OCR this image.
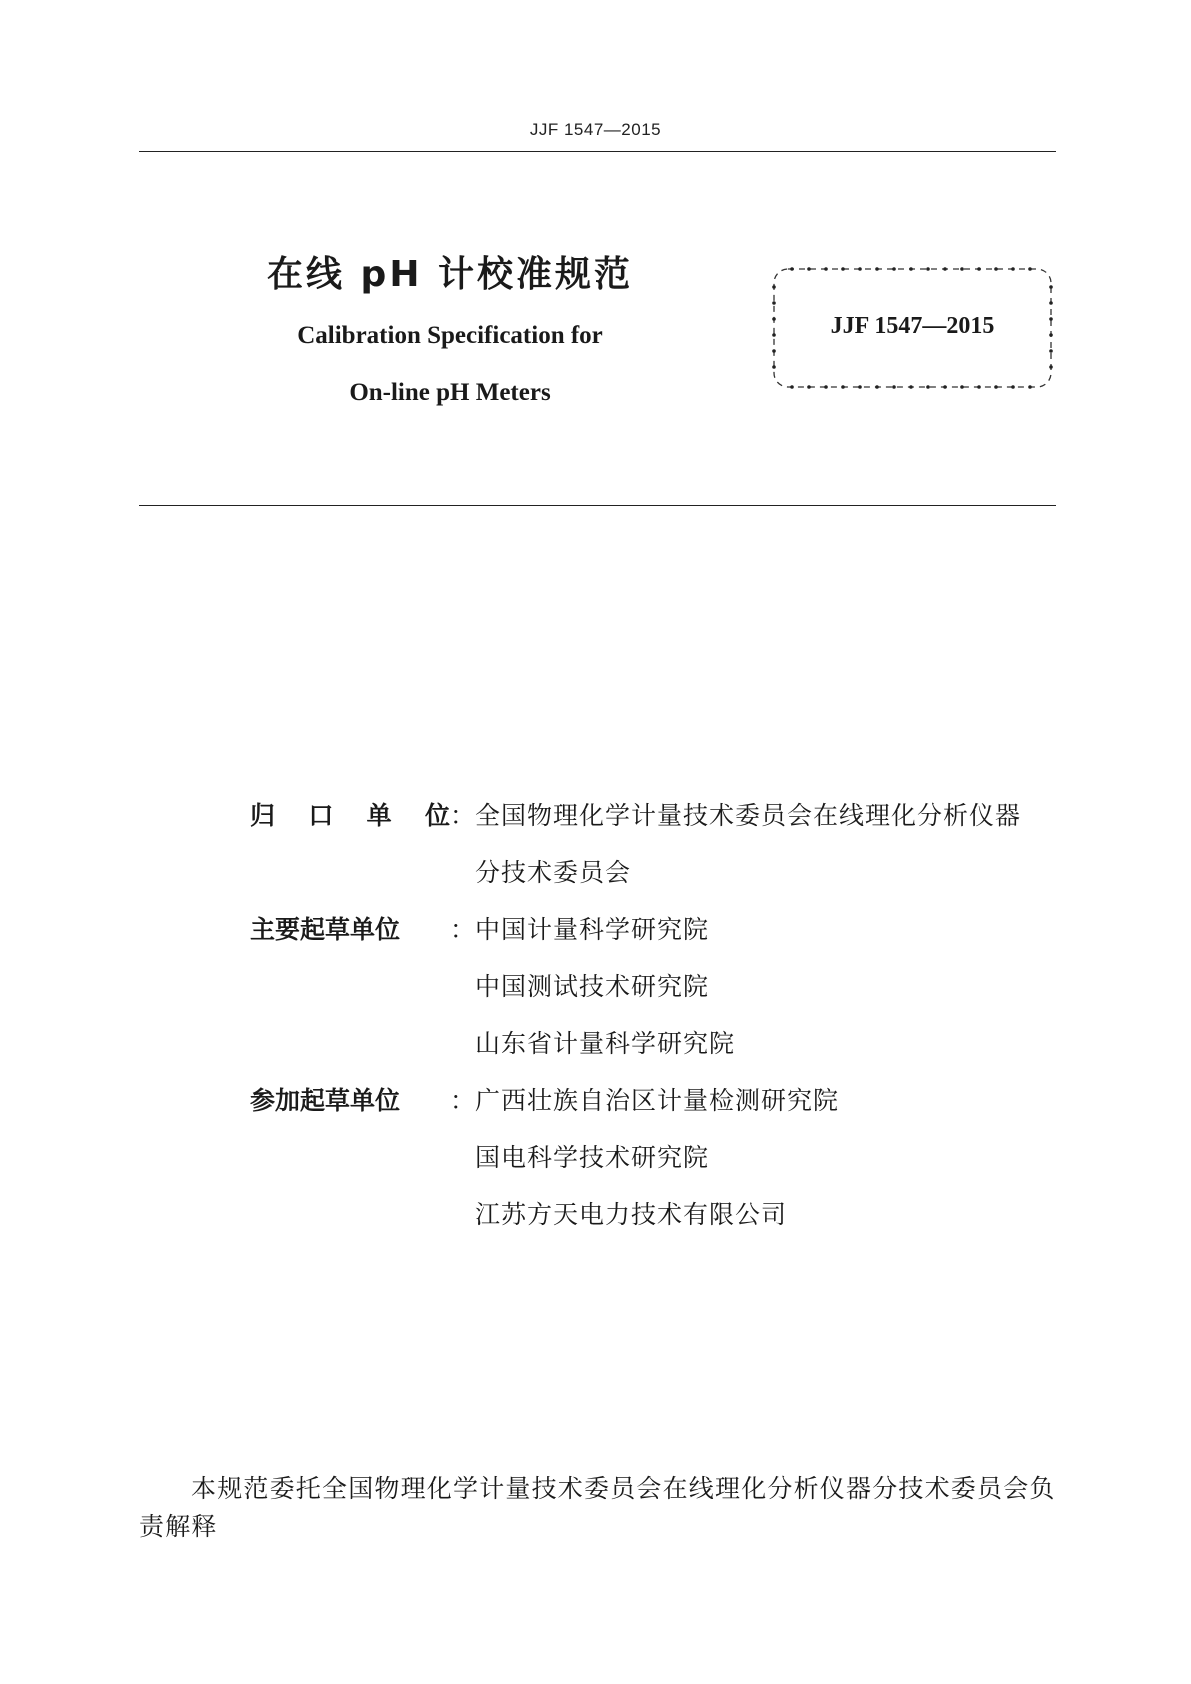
JJF 1547—2015
在线 pH 计校准规范
Calibration Specification for
On-line pH Meters
JJF 1547—2015
归 口 单 位 ： 全国物理化学计量技术委员会在线理化分析仪器
分技术委员会
主要起草单位 ： 中国计量科学研究院
中国测试技术研究院
山东省计量科学研究院
参加起草单位 ： 广西壮族自治区计量检测研究院
国电科学技术研究院
江苏方天电力技术有限公司
本规范委托全国物理化学计量技术委员会在线理化分析仪器分技术委员会负责解释
